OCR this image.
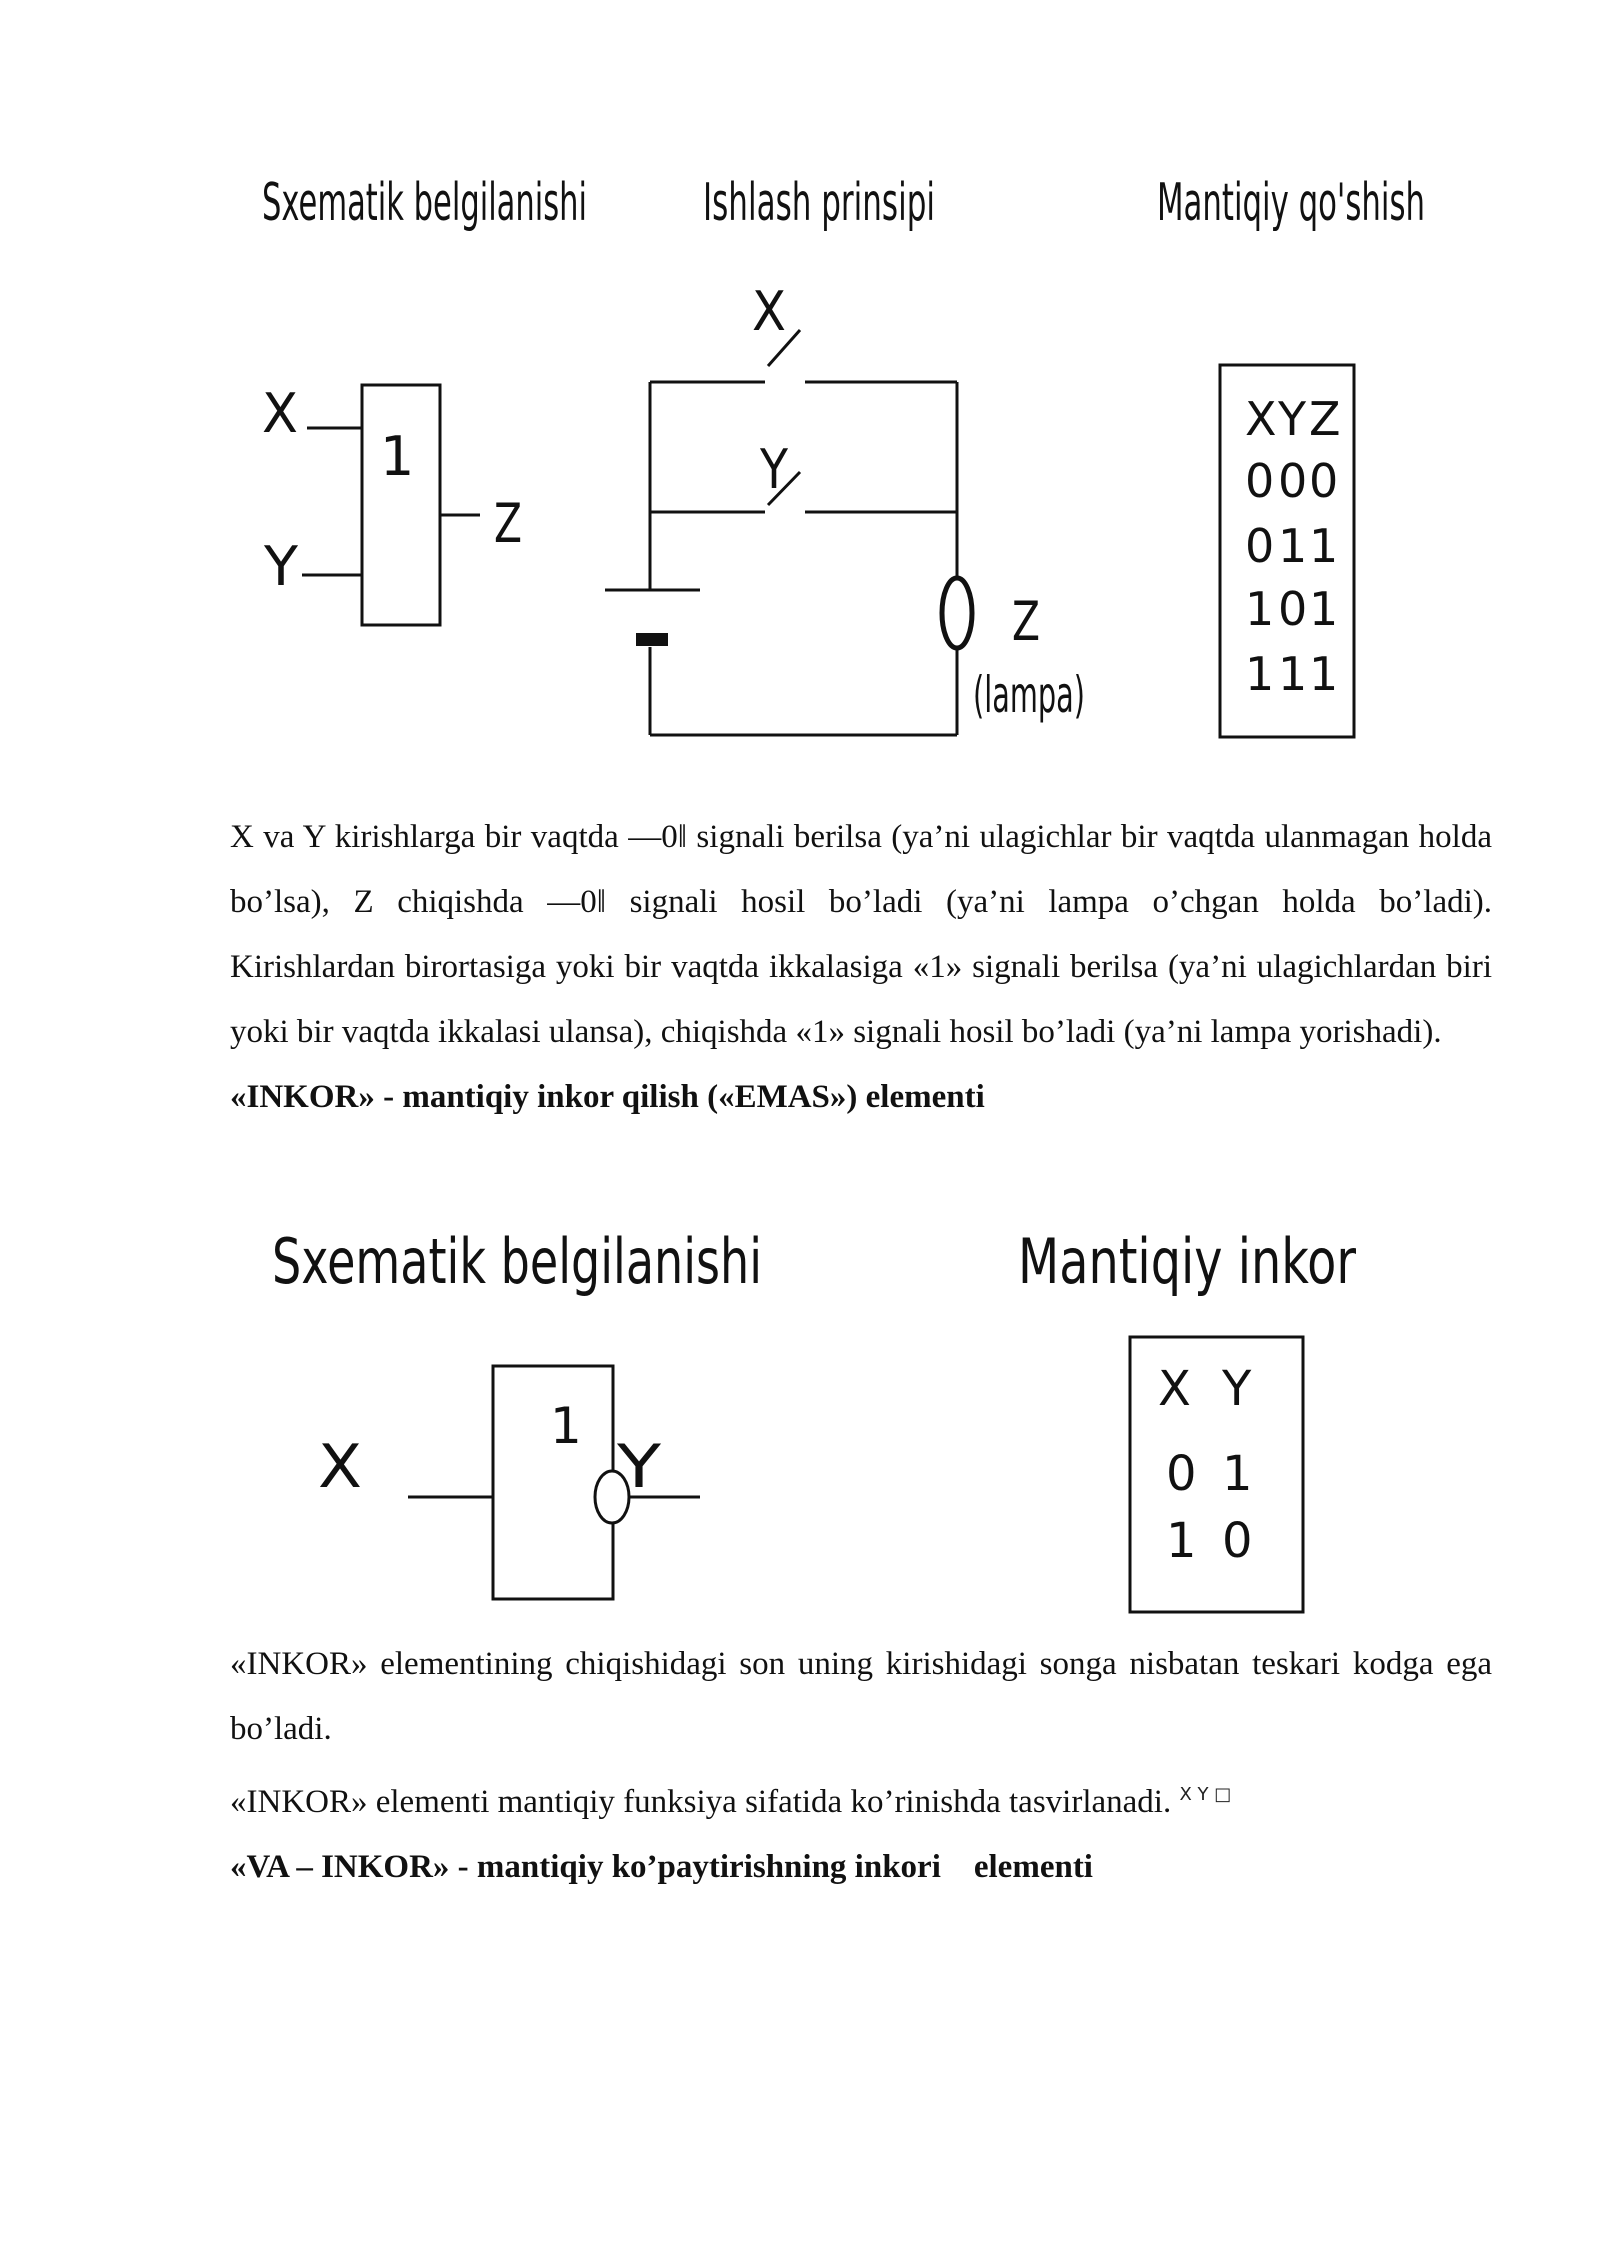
Sxematik belgilanishi Ishlash prinsipi	Mantiqiy qo'shish
X
Y
1
Z
X
Y
Z
(lampa)
X Y Z
0 0 0
0 1 1
1 0 1
1 1 1

X va Y kirishlarga bir vaqtda ―0‖ signali berilsa (ya’ni ulagichlar bir vaqtda ulanmagan holda bo’lsa), Z chiqishda ―0‖ signali hosil bo’ladi (ya’ni lampa o’chgan holda bo’ladi). Kirishlardan birortasiga yoki bir vaqtda ikkalasiga «1» signali berilsa (ya’ni ulagichlardan biri yoki bir vaqtda ikkalasi ulansa), chiqishda «1» signali hosil bo’ladi (ya’ni lampa yorishadi).

«INKOR» - mantiqiy inkor qilish («EMAS») elementi

Sxematik belgilanishi	Mantiqiy inkor
X
1
Y
X Y
0 1
1 0

«INKOR» elementining chiqishidagi son uning kirishidagi songa nisbatan teskari kodga ega bo’ladi.

«INKOR» elementi mantiqiy funksiya sifatida ko’rinishda tasvirlanadi. $^{X Y □}$

«VA – INKOR» - mantiqiy ko’paytirishning inkori    elementi
